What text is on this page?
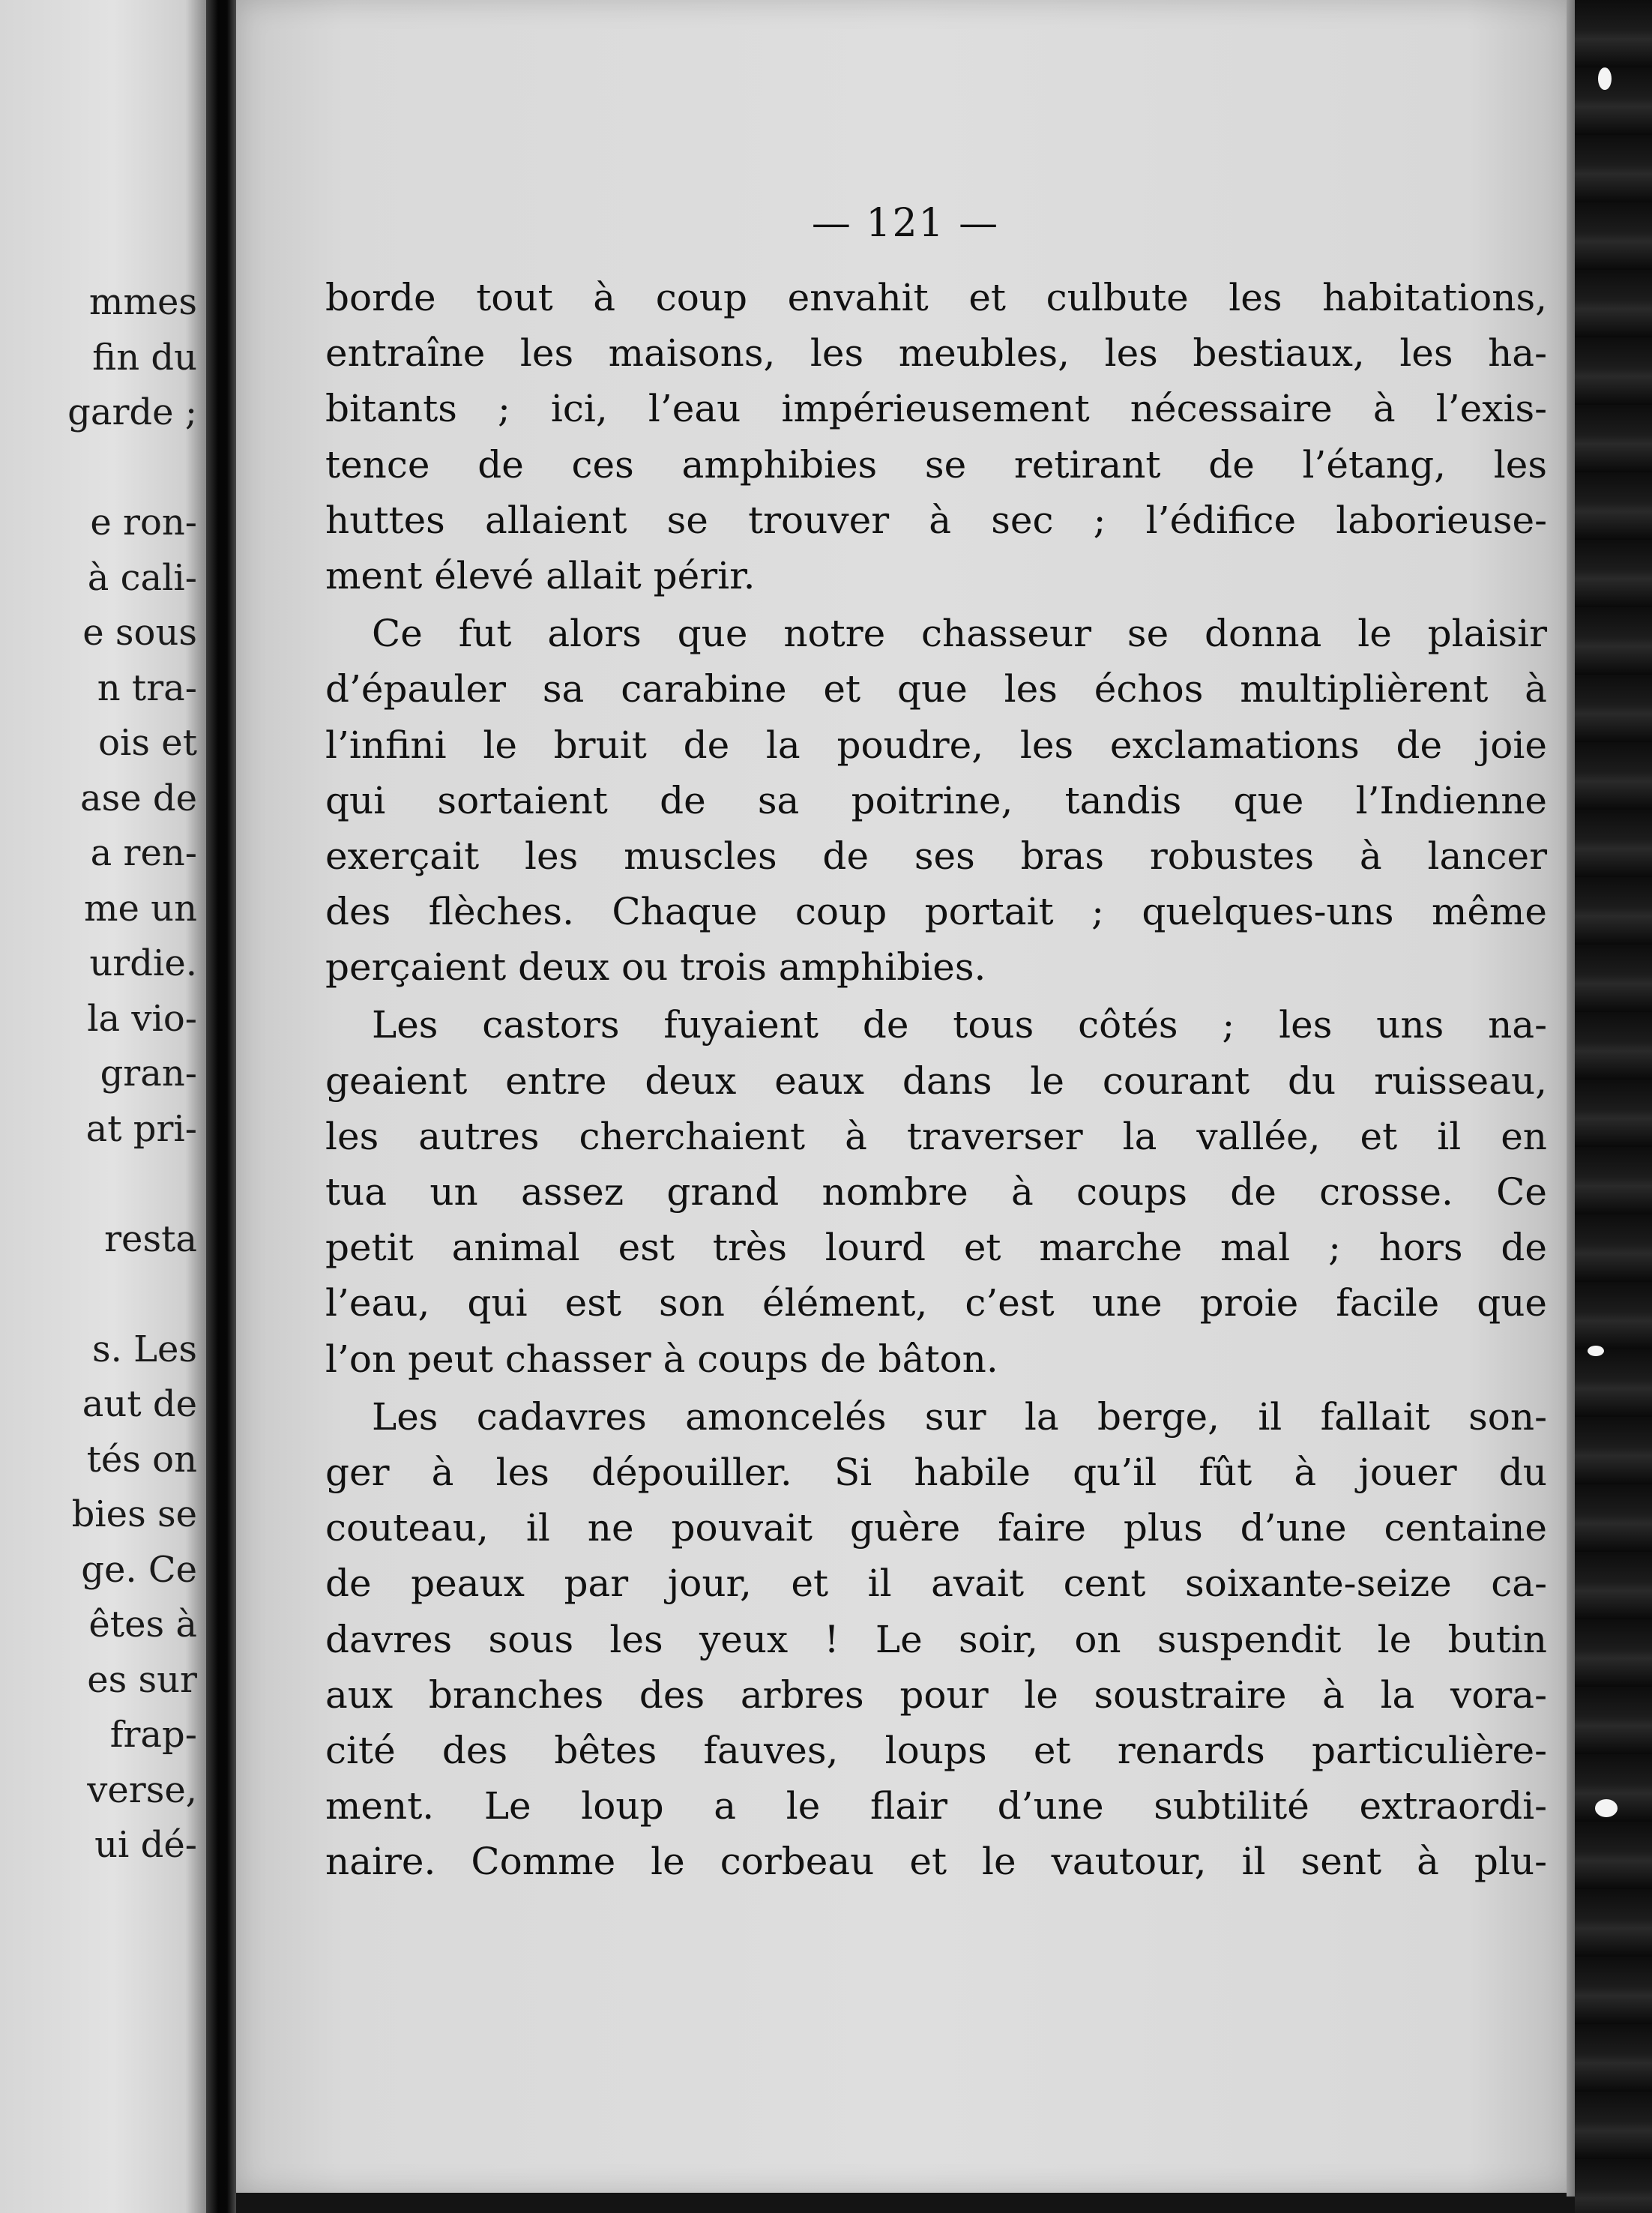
mmes
fin du
garde ;
e ron-
à cali-
e sous
n tra-
ois et
ase de
a ren-
me un
urdie.
la vio-
gran-
at pri-
resta
s. Les
aut de
tés on
bies se
ge. Ce
êtes à
es sur
frap-
verse,
ui dé-
— 121 —
borde tout à coup envahit et culbute les habitations,
entraîne les maisons, les meubles, les bestiaux, les ha-
bitants ; ici, l’eau impérieusement nécessaire à l’exis-
tence de ces amphibies se retirant de l’étang, les
huttes allaient se trouver à sec ; l’édifice laborieuse-
ment élevé allait périr.
Ce fut alors que notre chasseur se donna le plaisir
d’épauler sa carabine et que les échos multiplièrent à
l’infini le bruit de la poudre, les exclamations de joie
qui sortaient de sa poitrine, tandis que l’Indienne
exerçait les muscles de ses bras robustes à lancer
des flèches. Chaque coup portait ; quelques-uns même
perçaient deux ou trois amphibies.
Les castors fuyaient de tous côtés ; les uns na-
geaient entre deux eaux dans le courant du ruisseau,
les autres cherchaient à traverser la vallée, et il en
tua un assez grand nombre à coups de crosse. Ce
petit animal est très lourd et marche mal ; hors de
l’eau, qui est son élément, c’est une proie facile que
l’on peut chasser à coups de bâton.
Les cadavres amoncelés sur la berge, il fallait son-
ger à les dépouiller. Si habile qu’il fût à jouer du
couteau, il ne pouvait guère faire plus d’une centaine
de peaux par jour, et il avait cent soixante-seize ca-
davres sous les yeux ! Le soir, on suspendit le butin
aux branches des arbres pour le soustraire à la vora-
cité des bêtes fauves, loups et renards particulière-
ment. Le loup a le flair d’une subtilité extraordi-
naire. Comme le corbeau et le vautour, il sent à plu-
